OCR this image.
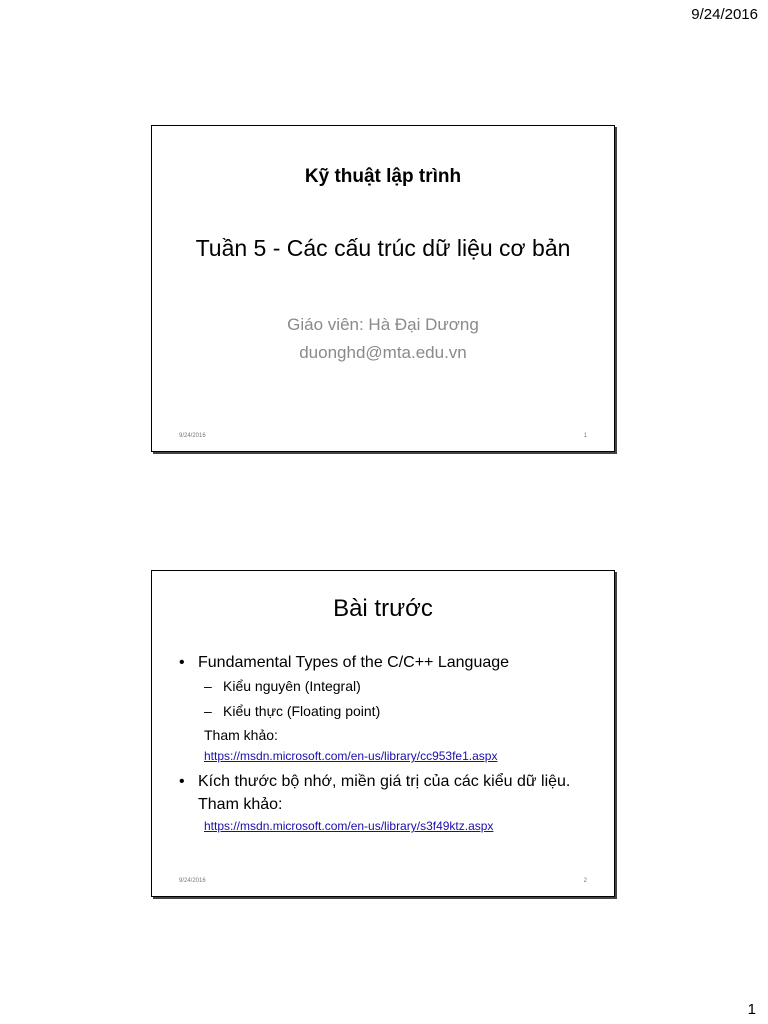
9/24/2016
Kỹ thuật lập trình
Tuần 5 - Các cấu trúc dữ liệu cơ bản
Giáo viên: Hà Đại Dương
duonghd@mta.edu.vn
9/24/2016	1
Bài trước
• Fundamental Types of the C/C++ Language
– Kiểu nguyên (Integral)
– Kiểu thực (Floating point)
Tham khảo:
https://msdn.microsoft.com/en-us/library/cc953fe1.aspx
• Kích thước bộ nhớ, miền giá trị của các kiểu dữ liệu. Tham khảo:
https://msdn.microsoft.com/en-us/library/s3f49ktz.aspx
9/24/2016	2
1
